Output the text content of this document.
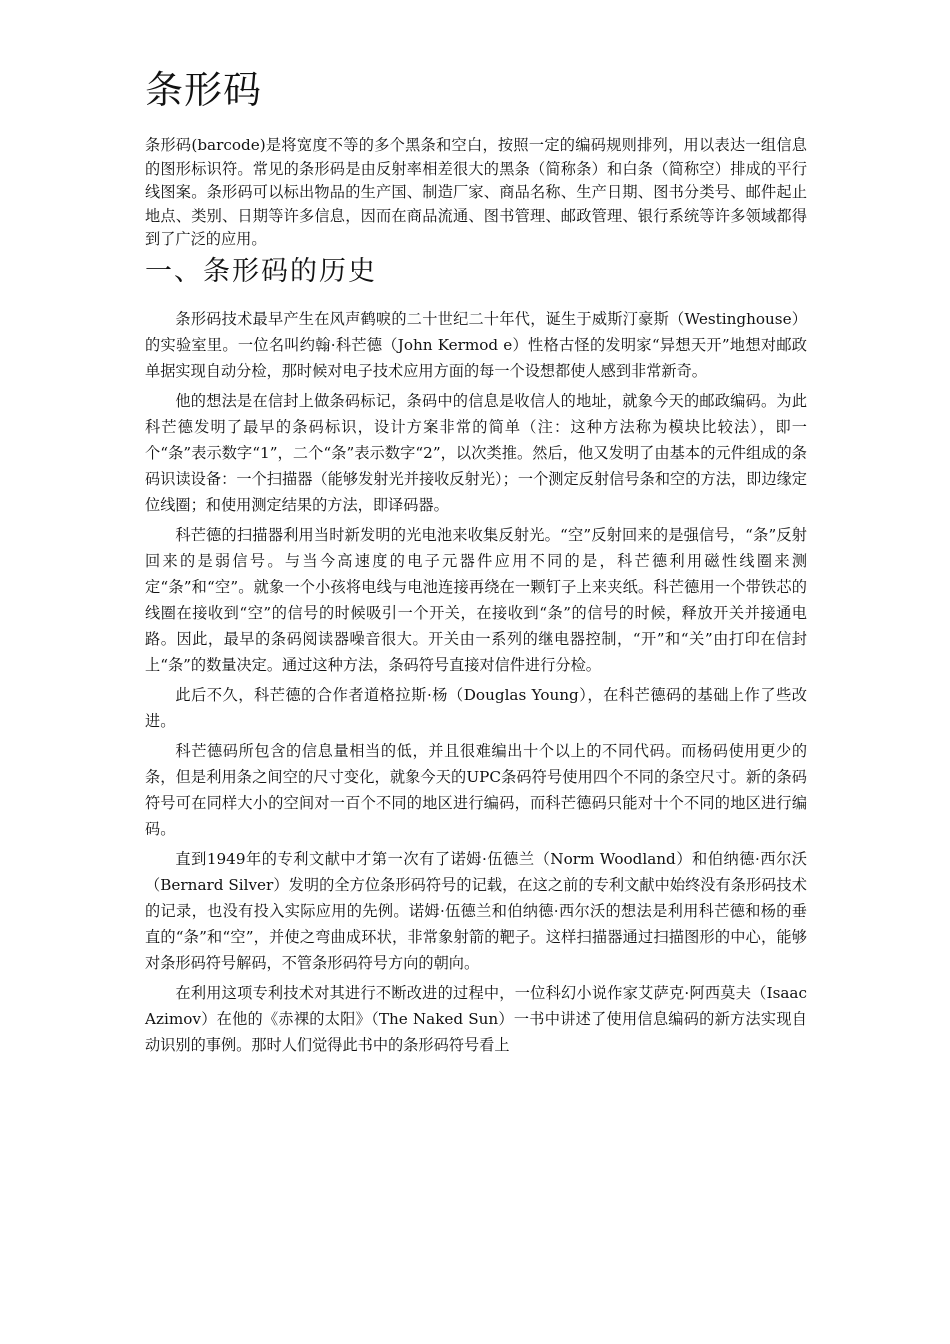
条形码

条形码(barcode)是将宽度不等的多个黑条和空白，按照一定的编码规则排列，用以表达一组信息的图形标识符。常见的条形码是由反射率相差很大的黑条（简称条）和白条（简称空）排成的平行线图案。条形码可以标出物品的生产国、制造厂家、商品名称、生产日期、图书分类号、邮件起止地点、类别、日期等许多信息，因而在商品流通、图书管理、邮政管理、银行系统等许多领域都得到了广泛的应用。

一、条形码的历史

条形码技术最早产生在风声鹤唳的二十世纪二十年代，诞生于威斯汀豪斯（Westinghouse）的实验室里。一位名叫约翰·科芒德（John Kermod e）性格古怪的发明家“异想天开”地想对邮政单据实现自动分检，那时候对电子技术应用方面的每一个设想都使人感到非常新奇。

他的想法是在信封上做条码标记，条码中的信息是收信人的地址，就象今天的邮政编码。为此科芒德发明了最早的条码标识，设计方案非常的简单（注：这种方法称为模块比较法），即一个“条”表示数字“1”，二个“条”表示数字“2”，以次类推。然后，他又发明了由基本的元件组成的条码识读设备：一个扫描器（能够发射光并接收反射光）；一个测定反射信号条和空的方法，即边缘定位线圈；和使用测定结果的方法，即译码器。

科芒德的扫描器利用当时新发明的光电池来收集反射光。“空”反射回来的是强信号，“条”反射回来的是弱信号。与当今高速度的电子元器件应用不同的是，科芒德利用磁性线圈来测定“条”和“空”。就象一个小孩将电线与电池连接再绕在一颗钉子上来夹纸。科芒德用一个带铁芯的线圈在接收到“空”的信号的时候吸引一个开关，在接收到“条”的信号的时候，释放开关并接通电路。因此，最早的条码阅读器噪音很大。开关由一系列的继电器控制，“开”和“关”由打印在信封上“条”的数量决定。通过这种方法，条码符号直接对信件进行分检。

此后不久，科芒德的合作者道格拉斯·杨（Douglas Young），在科芒德码的基础上作了些改进。

科芒德码所包含的信息量相当的低，并且很难编出十个以上的不同代码。而杨码使用更少的条，但是利用条之间空的尺寸变化，就象今天的UPC条码符号使用四个不同的条空尺寸。新的条码符号可在同样大小的空间对一百个不同的地区进行编码，而科芒德码只能对十个不同的地区进行编码。

直到1949年的专利文献中才第一次有了诺姆·伍德兰（Norm Woodland）和伯纳德·西尔沃（Bernard Silver）发明的全方位条形码符号的记载，在这之前的专利文献中始终没有条形码技术的记录，也没有投入实际应用的先例。诺姆·伍德兰和伯纳德·西尔沃的想法是利用科芒德和杨的垂直的“条”和“空”，并使之弯曲成环状，非常象射箭的靶子。这样扫描器通过扫描图形的中心，能够对条形码符号解码，不管条形码符号方向的朝向。

在利用这项专利技术对其进行不断改进的过程中，一位科幻小说作家艾萨克·阿西莫夫（Isaac Azimov）在他的《赤裸的太阳》（The Naked Sun）一书中讲述了使用信息编码的新方法实现自动识别的事例。那时人们觉得此书中的条形码符号看上
